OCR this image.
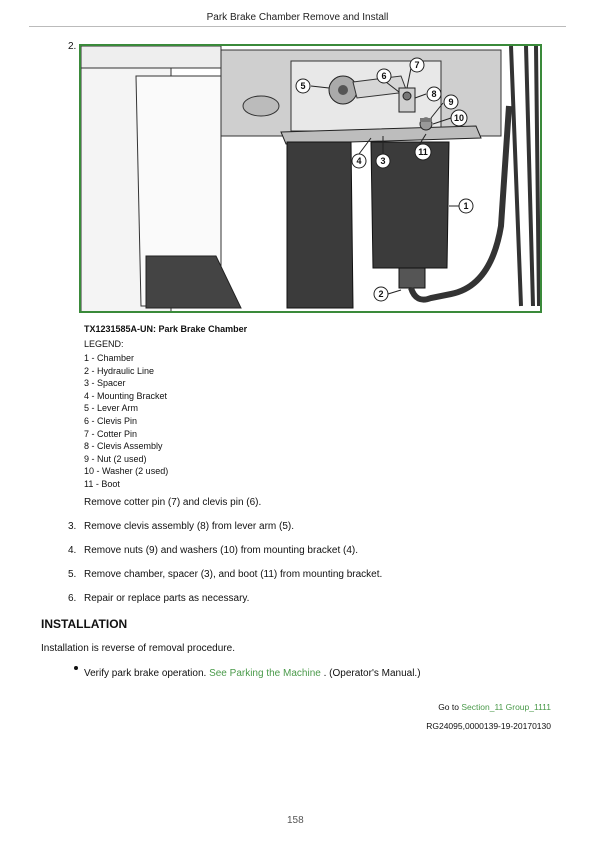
Park Brake Chamber Remove and Install
2.
1
2
3
4
5
6
7
8
9
10
11
TX1231585A-UN: Park Brake Chamber
LEGEND:
1 - Chamber
2 - Hydraulic Line
3 - Spacer
4 - Mounting Bracket
5 - Lever Arm
6 - Clevis Pin
7 - Cotter Pin
8 - Clevis Assembly
9 - Nut (2 used)
10 - Washer (2 used)
11 - Boot
Remove cotter pin (7) and clevis pin (6).
3. Remove clevis assembly (8) from lever arm (5).
4. Remove nuts (9) and washers (10) from mounting bracket (4).
5. Remove chamber, spacer (3), and boot (11) from mounting bracket.
6. Repair or replace parts as necessary.
INSTALLATION
Installation is reverse of removal procedure.
Verify park brake operation. See Parking the Machine . (Operator's Manual.)
Go to Section_11 Group_1111
RG24095,0000139-19-20170130
158
